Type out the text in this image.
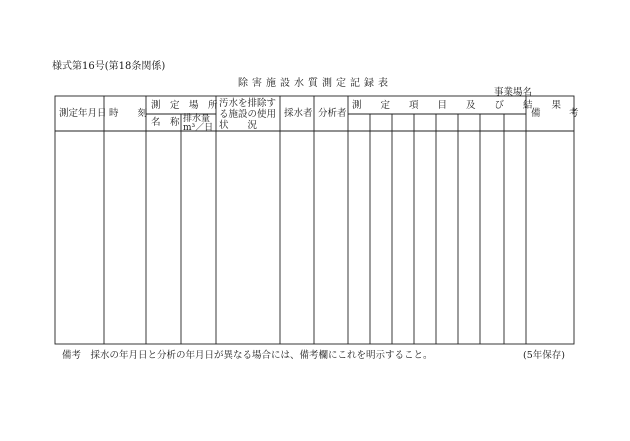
様式第16号(第18条関係)
除害施設水質測定記録表
事業場名
測定年月日 時　　刻
測　定　場　所
名　称 排水量
m³／日
汚水を排除す
る施設の使用
状　　況
採水者 分析者
測　　定　　項　　目　　及　　び　　結　　果
備　　　考
備考　採水の年月日と分析の年月日が異なる場合には、備考欄にこれを明示すること。	(5年保存)
